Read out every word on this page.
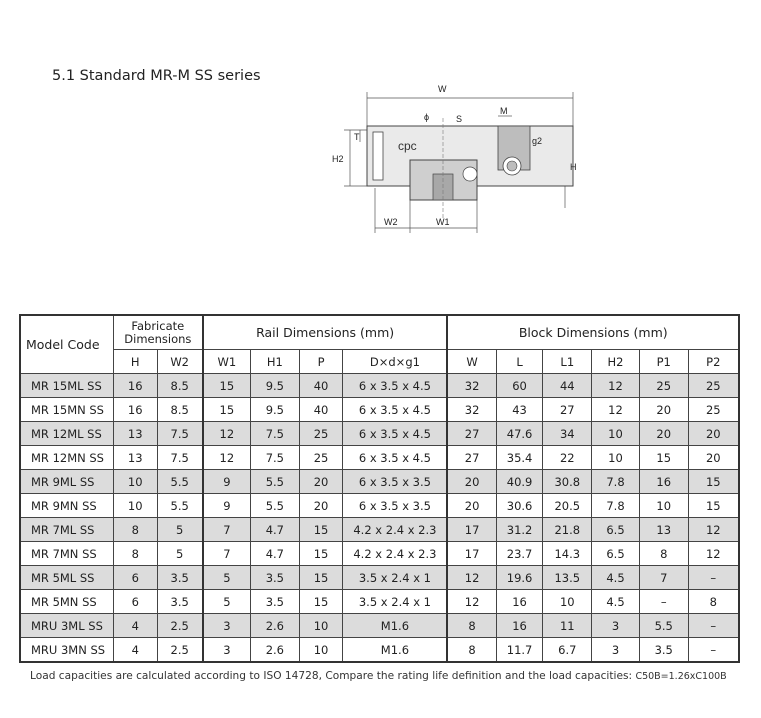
5.1 Standard MR-M SS series
W
M
S
ϕ
T
H2
g2
H
W2	W1
cpc
Model Code	Fabricate Dimensions		Rail Dimensions (mm)				Block Dimensions (mm)					
	H	W2	W1	H1	P	D×d×g1	W	L	L1	H2	P1	P2
MR 15ML SS	16	8.5	15	9.5	40	6 x 3.5 x 4.5	32	60	44	12	25	25
MR 15MN SS	16	8.5	15	9.5	40	6 x 3.5 x 4.5	32	43	27	12	20	25
MR 12ML SS	13	7.5	12	7.5	25	6 x 3.5 x 4.5	27	47.6	34	10	20	20
MR 12MN SS	13	7.5	12	7.5	25	6 x 3.5 x 4.5	27	35.4	22	10	15	20
MR 9ML SS	10	5.5	9	5.5	20	6 x 3.5 x 3.5	20	40.9	30.8	7.8	16	15
MR 9MN SS	10	5.5	9	5.5	20	6 x 3.5 x 3.5	20	30.6	20.5	7.8	10	15
MR 7ML SS	8	5	7	4.7	15	4.2 x 2.4 x 2.3	17	31.2	21.8	6.5	13	12
MR 7MN SS	8	5	7	4.7	15	4.2 x 2.4 x 2.3	17	23.7	14.3	6.5	8	12
MR 5ML SS	6	3.5	5	3.5	15	3.5 x 2.4 x 1	12	19.6	13.5	4.5	7	–
MR 5MN SS	6	3.5	5	3.5	15	3.5 x 2.4 x 1	12	16	10	4.5	–	8
MRU 3ML SS	4	2.5	3	2.6	10	M1.6	8	16	11	3	5.5	–
MRU 3MN SS	4	2.5	3	2.6	10	M1.6	8	11.7	6.7	3	3.5	–
Load capacities are calculated according to ISO 14728, Compare the rating life definition and the load capacities: C50B=1.26xC100B
